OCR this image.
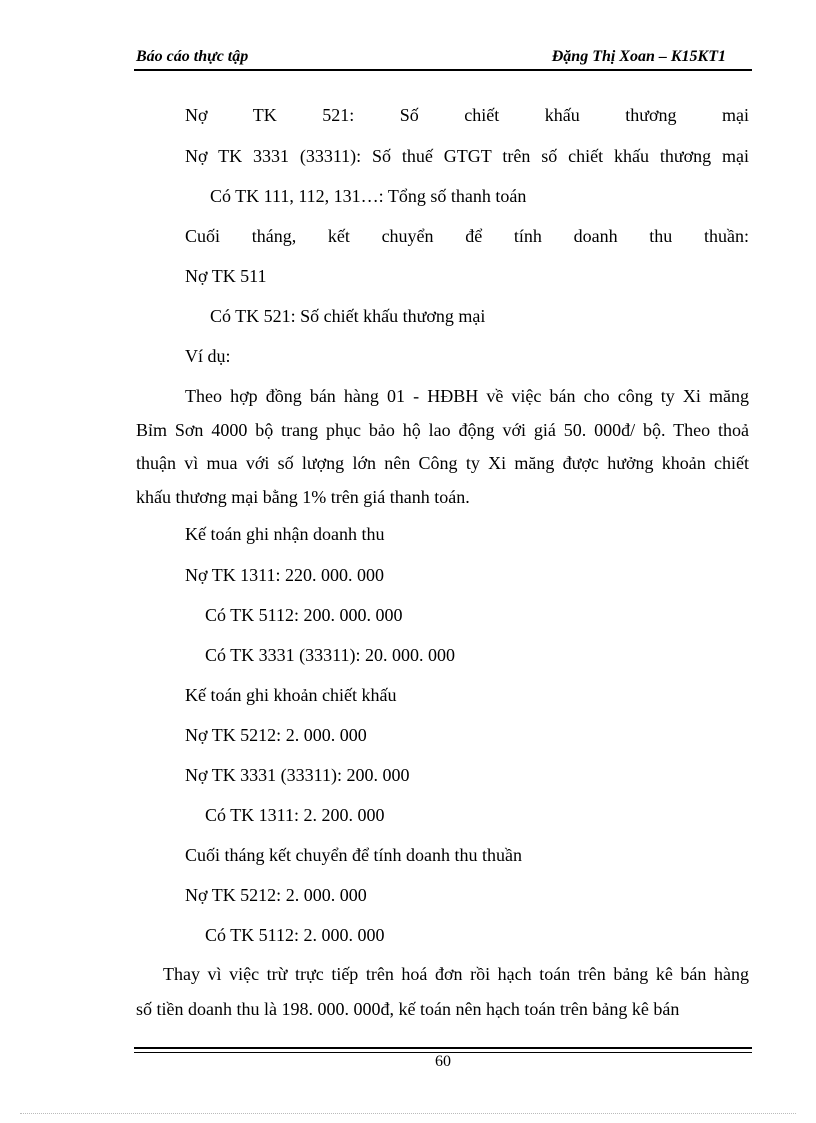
Báo cáo thực tập	Đặng Thị Xoan – K15KT1
Nợ TK 521: Số chiết khấu thương mại
Nợ TK 3331 (33311): Số thuế GTGT trên số chiết khấu thương mại
Có TK 111, 112, 131…: Tổng số thanh toán
Cuối tháng, kết chuyển để tính doanh thu thuần:
Nợ TK 511
Có TK 521: Số chiết khấu thương mại
Ví dụ:
Theo hợp đồng bán hàng 01 - HĐBH về việc bán cho công ty Xi măng
Bỉm Sơn 4000 bộ trang phục bảo hộ lao động với giá 50. 000đ/ bộ. Theo thoả
thuận vì mua với số lượng lớn nên Công ty Xi măng được hưởng khoản chiết
khấu thương mại bằng 1% trên giá thanh toán.
Kế toán ghi nhận doanh thu
Nợ TK 1311: 220. 000. 000
Có TK 5112: 200. 000. 000
Có TK 3331 (33311): 20. 000. 000
Kế toán ghi khoản chiết khấu
Nợ TK 5212: 2. 000. 000
Nợ TK 3331 (33311): 200. 000
Có TK 1311: 2. 200. 000
Cuối tháng kết chuyển để tính doanh thu thuần
Nợ TK 5212: 2. 000. 000
Có TK 5112: 2. 000. 000
Thay vì việc trừ trực tiếp trên hoá đơn rồi hạch toán trên bảng kê bán hàng
số tiền doanh thu là 198. 000. 000đ, kế toán nên hạch toán trên bảng kê bán
60
